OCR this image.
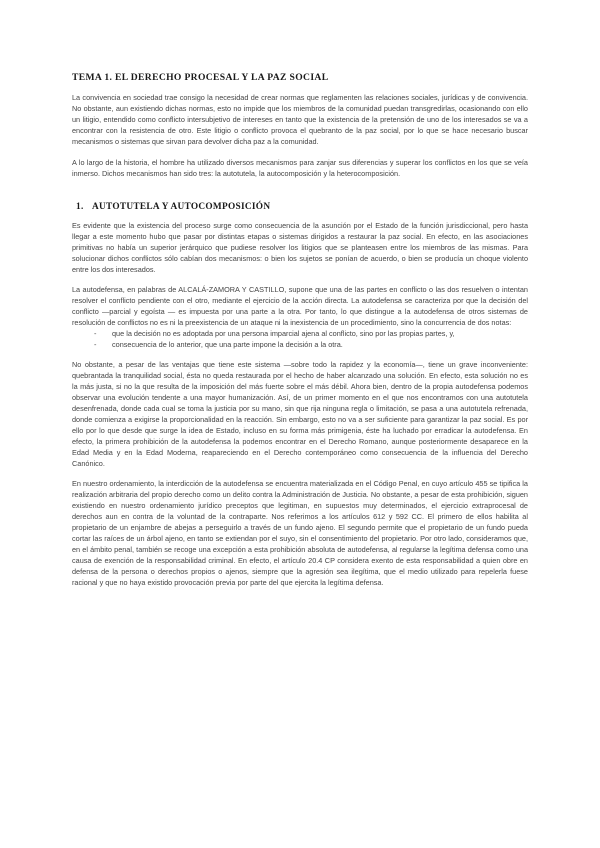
TEMA 1. EL DERECHO PROCESAL Y LA PAZ SOCIAL

La convivencia en sociedad trae consigo la necesidad de crear normas que reglamenten las relaciones sociales, jurídicas y de convivencia. No obstante, aun existiendo dichas normas, esto no impide que los miembros de la comunidad puedan transgredirlas, ocasionando con ello un litigio, entendido como conflicto intersubjetivo de intereses en tanto que la existencia de la pretensión de uno de los interesados se va a encontrar con la resistencia de otro. Este litigio o conflicto provoca el quebranto de la paz social, por lo que se hace necesario buscar mecanismos o sistemas que sirvan para devolver dicha paz a la comunidad.

A lo largo de la historia, el hombre ha utilizado diversos mecanismos para zanjar sus diferencias y superar los conflictos en los que se veía inmerso. Dichos mecanismos han sido tres: la autotutela, la autocomposición y la heterocomposición.

1. AUTOTUTELA Y AUTOCOMPOSICIÓN

Es evidente que la existencia del proceso surge como consecuencia de la asunción por el Estado de la función jurisdiccional, pero hasta llegar a este momento hubo que pasar por distintas etapas o sistemas dirigidos a restaurar la paz social. En efecto, en las asociaciones primitivas no había un superior jerárquico que pudiese resolver los litigios que se planteasen entre los miembros de las mismas. Para solucionar dichos conflictos sólo cabían dos mecanismos: o bien los sujetos se ponían de acuerdo, o bien se producía un choque violento entre los dos interesados.

La autodefensa, en palabras de ALCALÁ-ZAMORA Y CASTILLO, supone que una de las partes en conflicto o las dos resuelven o intentan resolver el conflicto pendiente con el otro, mediante el ejercicio de la acción directa. La autodefensa se caracteriza por que la decisión del conflicto —parcial y egoísta — es impuesta por una parte a la otra. Por tanto, lo que distingue a la autodefensa de otros sistemas de resolución de conflictos no es ni la preexistencia de un ataque ni la inexistencia de un procedimiento, sino la concurrencia de dos notas:

- que la decisión no es adoptada por una persona imparcial ajena al conflicto, sino por las propias partes, y,
- consecuencia de lo anterior, que una parte impone la decisión a la otra.

No obstante, a pesar de las ventajas que tiene este sistema —sobre todo la rapidez y la economía—, tiene un grave inconveniente: quebrantada la tranquilidad social, ésta no queda restaurada por el hecho de haber alcanzado una solución. En efecto, esta solución no es la más justa, si no la que resulta de la imposición del más fuerte sobre el más débil. Ahora bien, dentro de la propia autodefensa podemos observar una evolución tendente a una mayor humanización. Así, de un primer momento en el que nos encontramos con una autotutela desenfrenada, donde cada cual se toma la justicia por su mano, sin que rija ninguna regla o limitación, se pasa a una autotutela refrenada, donde comienza a exigirse la proporcionalidad en la reacción. Sin embargo, esto no va a ser suficiente para garantizar la paz social. Es por ello por lo que desde que surge la idea de Estado, incluso en su forma más primigenia, éste ha luchado por erradicar la autodefensa. En efecto, la primera prohibición de la autodefensa la podemos encontrar en el Derecho Romano, aunque posteriormente desaparece en la Edad Media y en la Edad Moderna, reapareciendo en el Derecho contemporáneo como consecuencia de la influencia del Derecho Canónico.

En nuestro ordenamiento, la interdicción de la autodefensa se encuentra materializada en el Código Penal, en cuyo artículo 455 se tipifica la realización arbitraria del propio derecho como un delito contra la Administración de Justicia. No obstante, a pesar de esta prohibición, siguen existiendo en nuestro ordenamiento jurídico preceptos que legitiman, en supuestos muy determinados, el ejercicio extraprocesal de derechos aun en contra de la voluntad de la contraparte. Nos referimos a los artículos 612 y 592 CC. El primero de ellos habilita al propietario de un enjambre de abejas a perseguirlo a través de un fundo ajeno. El segundo permite que el propietario de un fundo pueda cortar las raíces de un árbol ajeno, en tanto se extiendan por el suyo, sin el consentimiento del propietario. Por otro lado, consideramos que, en el ámbito penal, también se recoge una excepción a esta prohibición absoluta de autodefensa, al regularse la legítima defensa como una causa de exención de la responsabilidad criminal. En efecto, el artículo 20.4 CP considera exento de esta responsabilidad a quien obre en defensa de la persona o derechos propios o ajenos, siempre que la agresión sea ilegítima, que el medio utilizado para repelerla fuese racional y que no haya existido provocación previa por parte del que ejercita la legítima defensa.
